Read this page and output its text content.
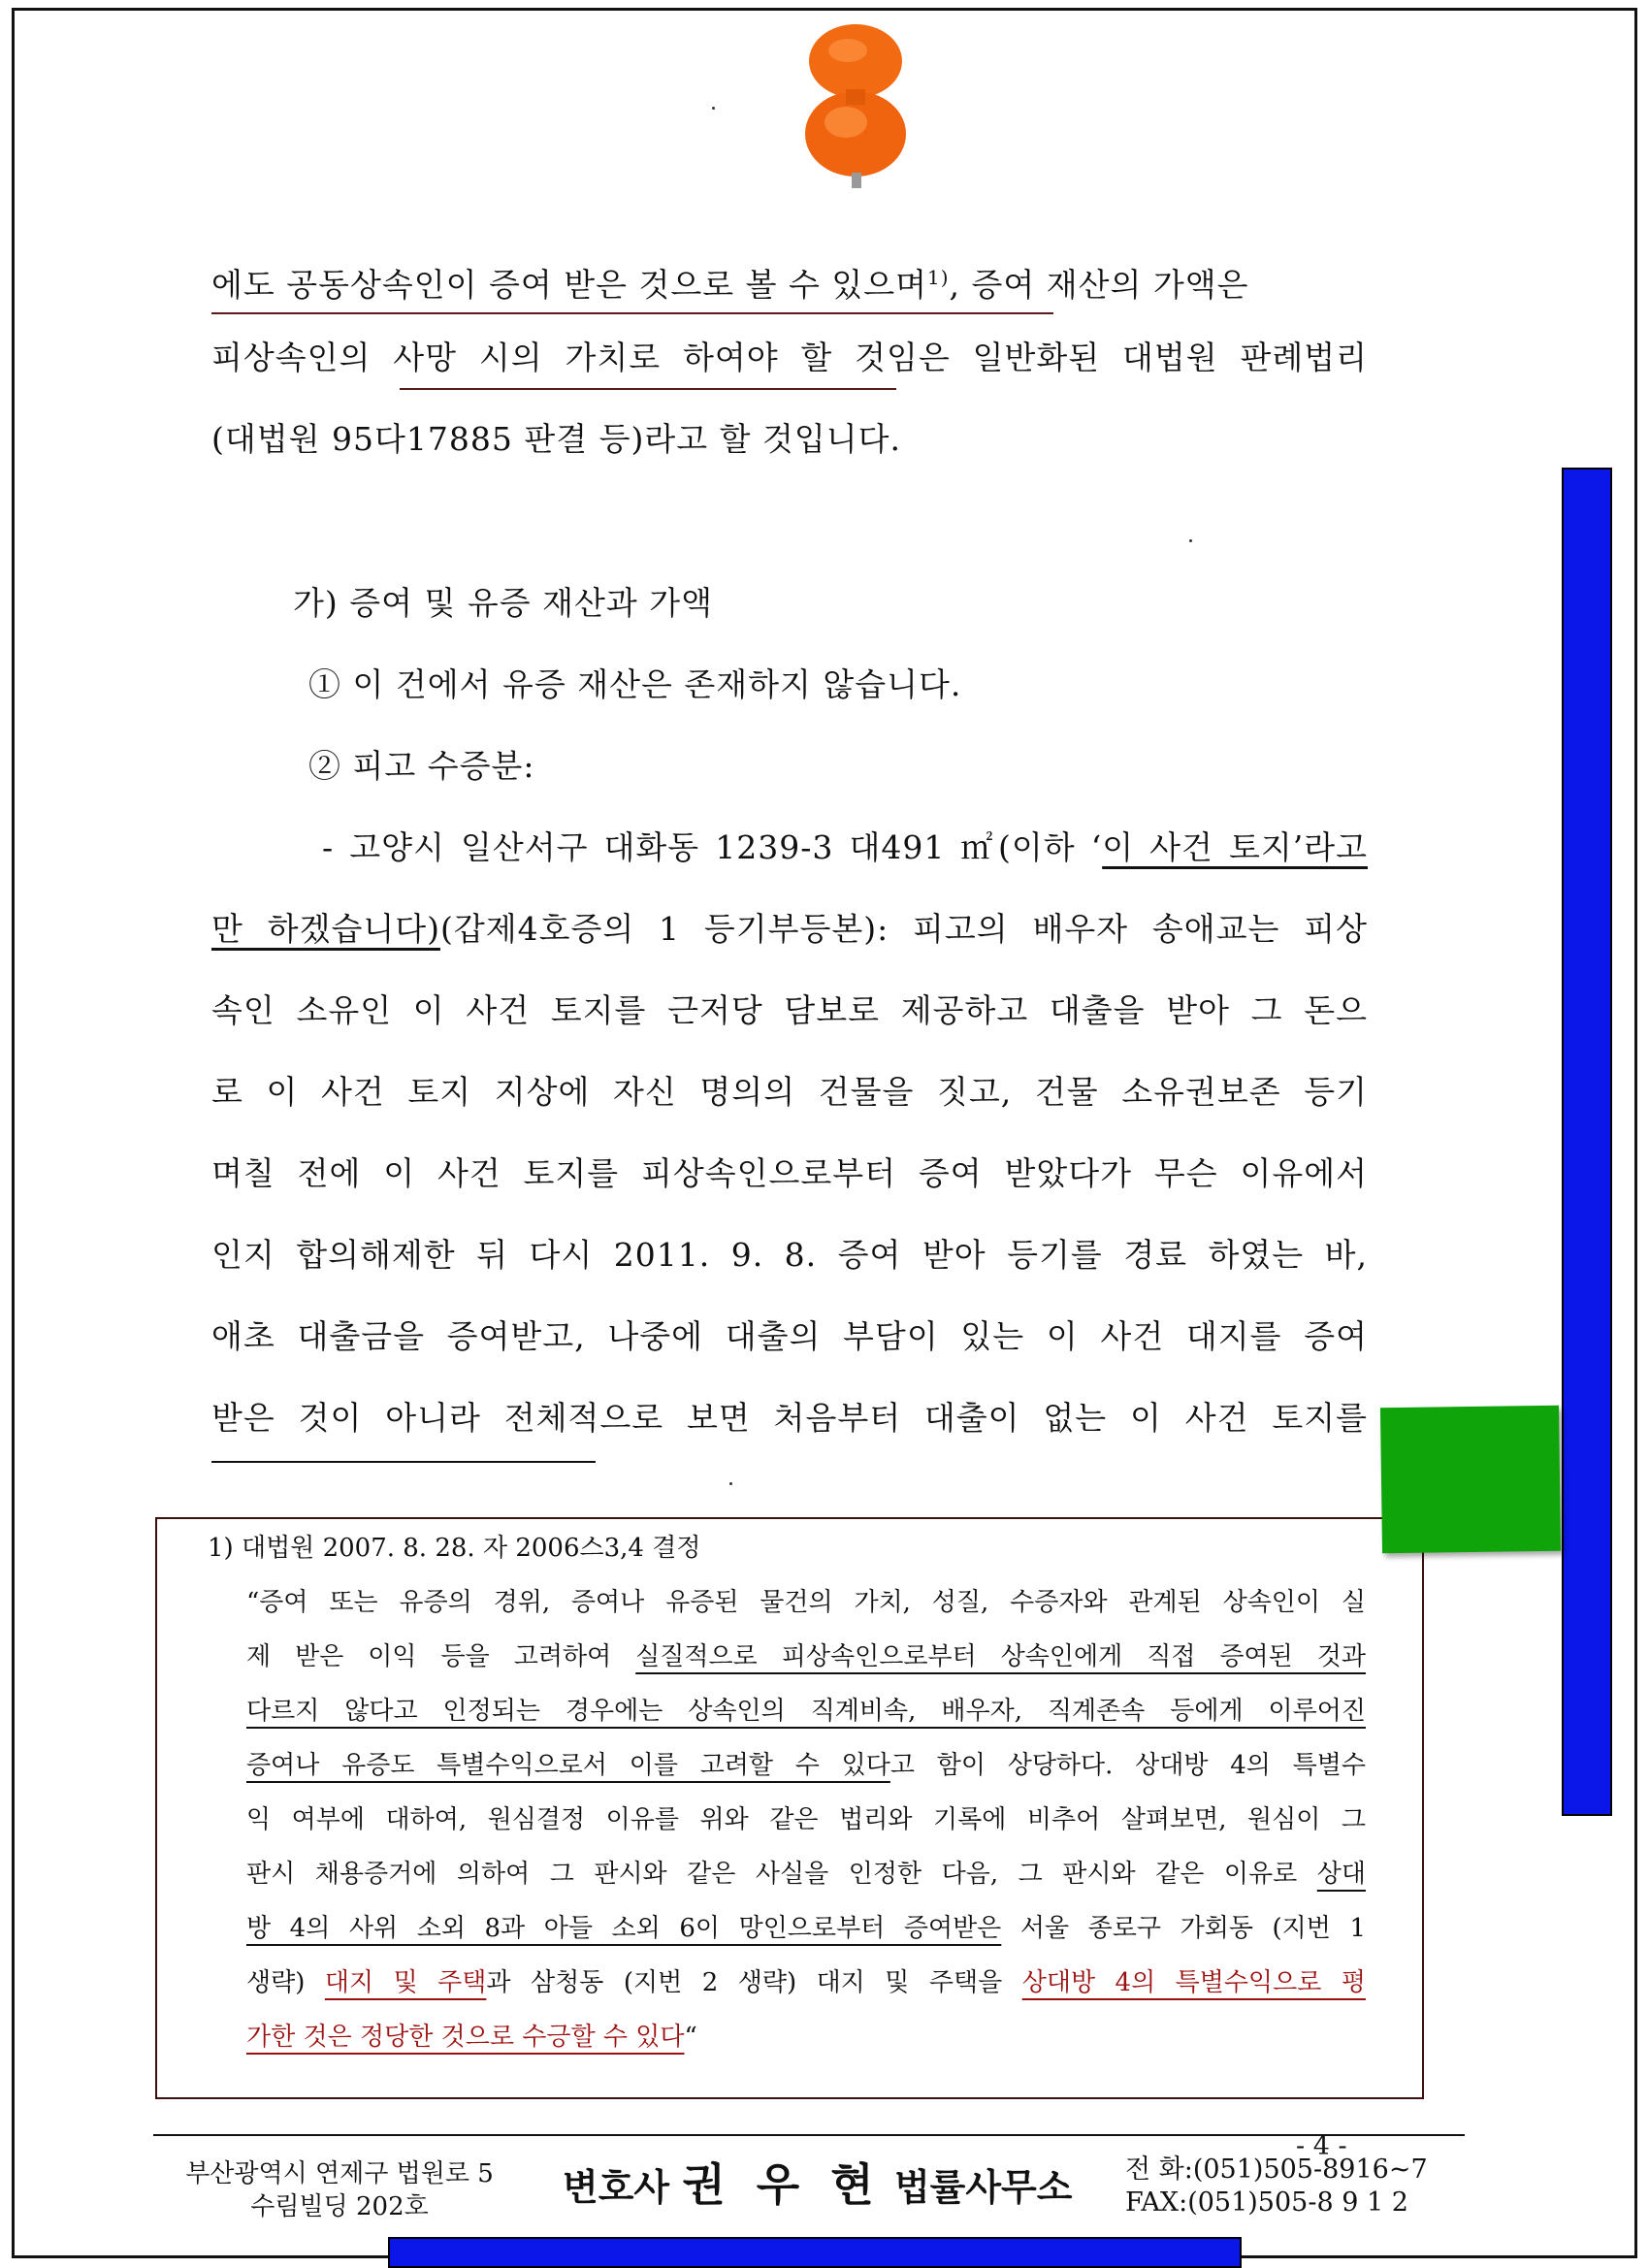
에도 공동상속인이 증여 받은 것으로 볼 수 있으며$^{1)}$, 증여 재산의 가액은
피상속인의 사망 시의 가치로 하여야 할 것임은 일반화된 대법원 판례법리
(대법원 95다17885 판결 등)라고 할 것입니다.
가) 증여 및 유증 재산과 가액
① 이 건에서 유증 재산은 존재하지 않습니다.
② 피고 수증분:
- 고양시 일산서구 대화동 1239-3 대491 ㎡(이하 ‘이 사건 토지’라고
만 하겠습니다)(갑제4호증의 1 등기부등본): 피고의 배우자 송애교는 피상
속인 소유인 이 사건 토지를 근저당 담보로 제공하고 대출을 받아 그 돈으
로 이 사건 토지 지상에 자신 명의의 건물을 짓고, 건물 소유권보존 등기
며칠 전에 이 사건 토지를 피상속인으로부터 증여 받았다가 무슨 이유에서
인지 합의해제한 뒤 다시 2011. 9. 8. 증여 받아 등기를 경료 하였는 바,
애초 대출금을 증여받고, 나중에 대출의 부담이 있는 이 사건 대지를 증여
받은 것이 아니라 전체적으로 보면 처음부터 대출이 없는 이 사건 토지를
1) 대법원 2007. 8. 28. 자 2006스3,4 결정
“증여 또는 유증의 경위, 증여나 유증된 물건의 가치, 성질, 수증자와 관계된 상속인이 실
제 받은 이익 등을 고려하여 실질적으로 피상속인으로부터 상속인에게 직접 증여된 것과
다르지 않다고 인정되는 경우에는 상속인의 직계비속, 배우자, 직계존속 등에게 이루어진
증여나 유증도 특별수익으로서 이를 고려할 수 있다고 함이 상당하다. 상대방 4의 특별수
익 여부에 대하여, 원심결정 이유를 위와 같은 법리와 기록에 비추어 살펴보면, 원심이 그
판시 채용증거에 의하여 그 판시와 같은 사실을 인정한 다음, 그 판시와 같은 이유로 상대
방 4의 사위 소외 8과 아들 소외 6이 망인으로부터 증여받은 서울 종로구 가회동 (지번 1
생략) 대지 및 주택과 삼청동 (지번 2 생략) 대지 및 주택을 상대방 4의 특별수익으로 평
가한 것은 정당한 것으로 수긍할 수 있다“
- 4 -
부산광역시 연제구 법원로 5
수림빌딩 202호	변호사 권 우 현 법률사무소 전 화:(051)505-8916~7
FAX:(051)505-8 9 1 2
